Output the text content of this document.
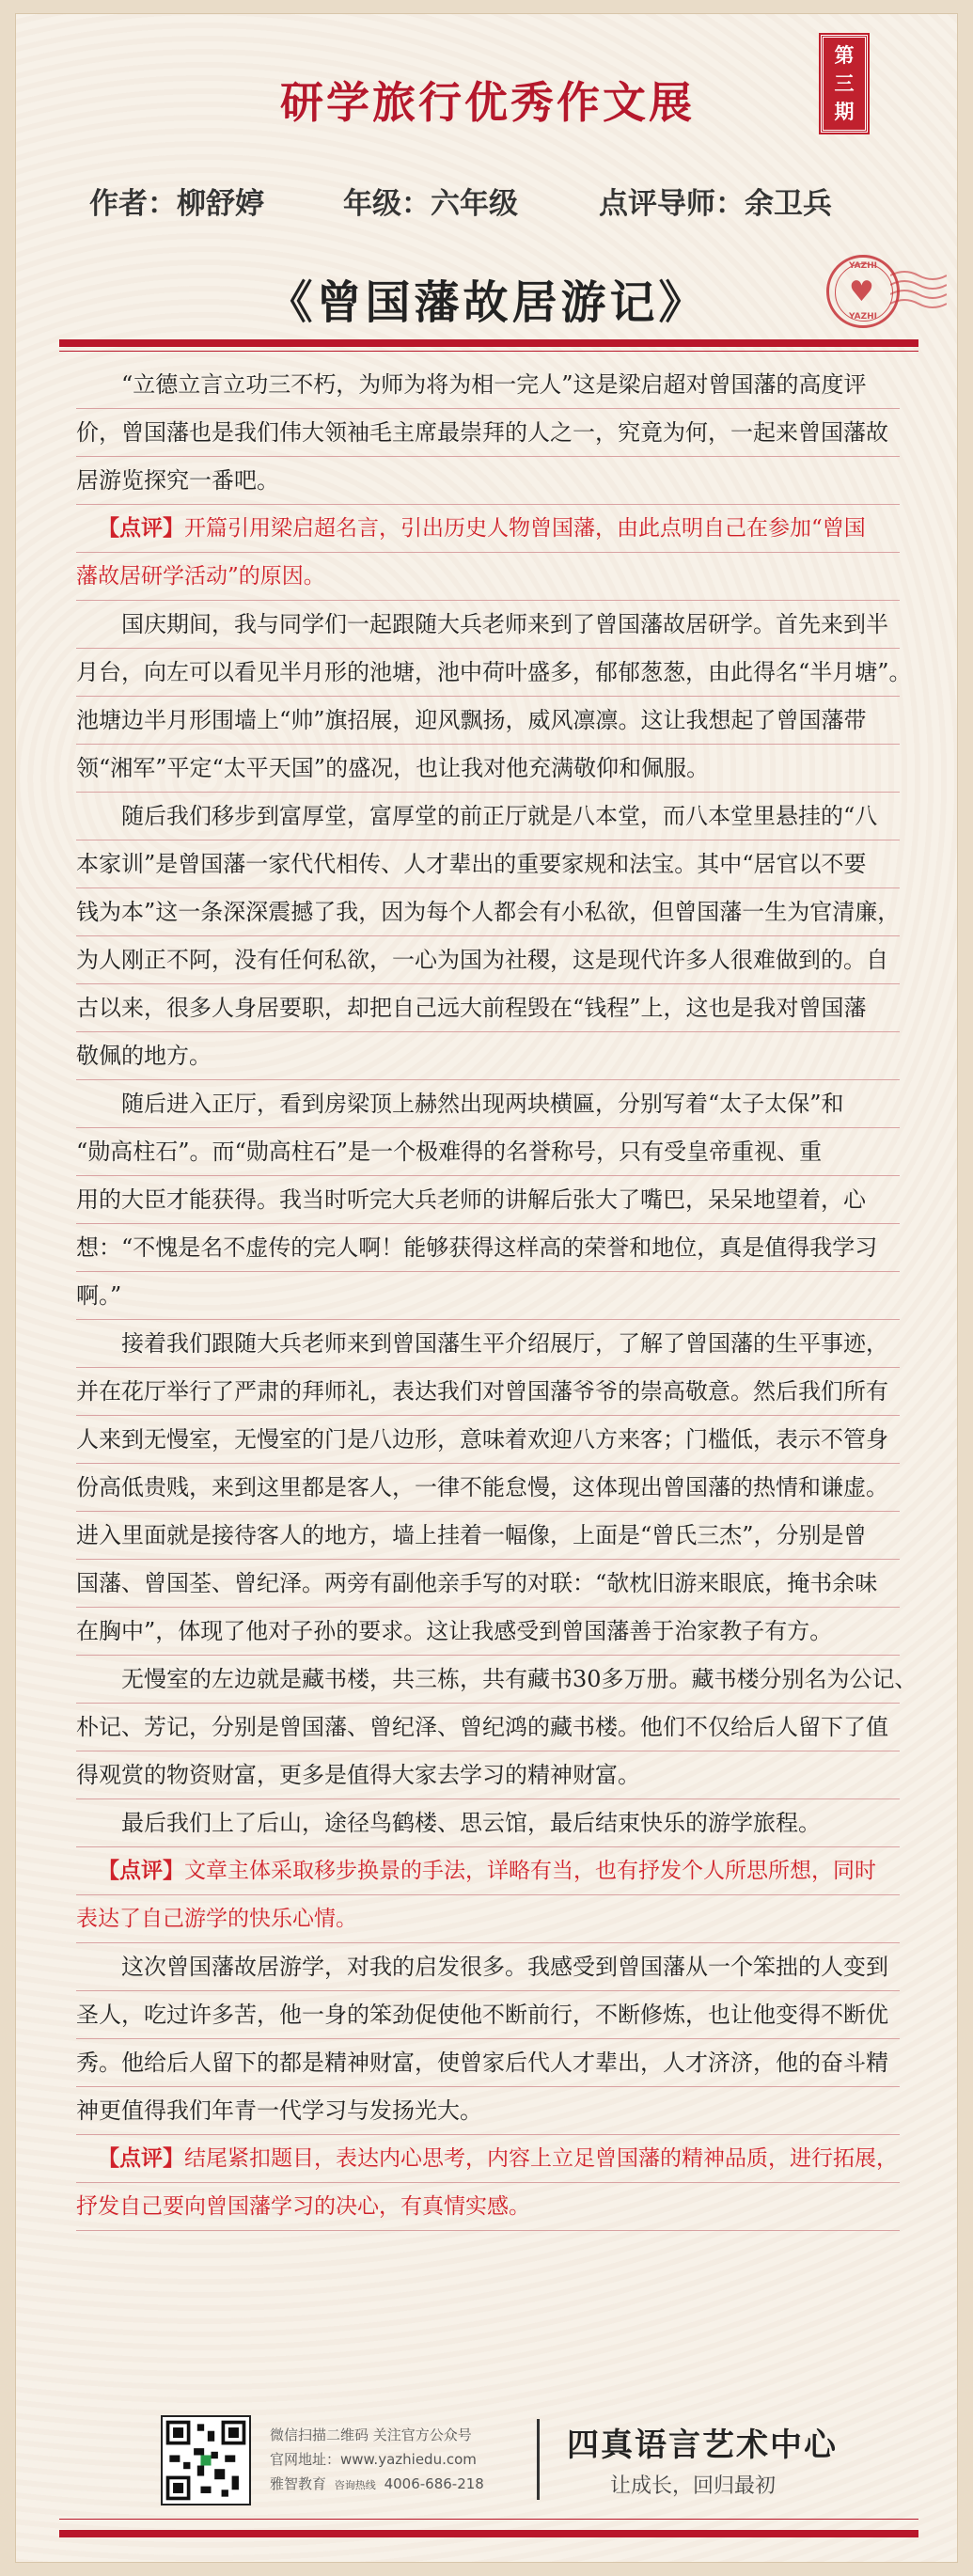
研学旅行优秀作文展
第
三
期
作者：柳舒婷	年级：六年级	点评导师：余卫兵
《曾国藩故居游记》
YAZHI
♥
YAZHI
“立德立言立功三不朽，为师为将为相一完人”这是梁启超对曾国藩的高度评
价，曾国藩也是我们伟大领袖毛主席最崇拜的人之一，究竟为何，一起来曾国藩故
居游览探究一番吧。
【点评】开篇引用梁启超名言，引出历史人物曾国藩，由此点明自己在参加“曾国
藩故居研学活动”的原因。
国庆期间，我与同学们一起跟随大兵老师来到了曾国藩故居研学。首先来到半
月台，向左可以看见半月形的池塘，池中荷叶盛多，郁郁葱葱，由此得名“半月塘”。
池塘边半月形围墙上“帅”旗招展，迎风飘扬，威风凛凛。这让我想起了曾国藩带
领“湘军”平定“太平天国”的盛况，也让我对他充满敬仰和佩服。
随后我们移步到富厚堂，富厚堂的前正厅就是八本堂，而八本堂里悬挂的“八
本家训”是曾国藩一家代代相传、人才辈出的重要家规和法宝。其中“居官以不要
钱为本”这一条深深震撼了我，因为每个人都会有小私欲，但曾国藩一生为官清廉，
为人刚正不阿，没有任何私欲，一心为国为社稷，这是现代许多人很难做到的。自
古以来，很多人身居要职，却把自己远大前程毁在“钱程”上，这也是我对曾国藩
敬佩的地方。
随后进入正厅，看到房梁顶上赫然出现两块横匾，分别写着“太子太保”和
“勋高柱石”。而“勋高柱石”是一个极难得的名誉称号，只有受皇帝重视、重
用的大臣才能获得。我当时听完大兵老师的讲解后张大了嘴巴，呆呆地望着，心
想：“不愧是名不虚传的完人啊！能够获得这样高的荣誉和地位，真是值得我学习
啊。”
接着我们跟随大兵老师来到曾国藩生平介绍展厅，了解了曾国藩的生平事迹，
并在花厅举行了严肃的拜师礼，表达我们对曾国藩爷爷的崇高敬意。然后我们所有
人来到无慢室，无慢室的门是八边形，意味着欢迎八方来客；门槛低，表示不管身
份高低贵贱，来到这里都是客人，一律不能怠慢，这体现出曾国藩的热情和谦虚。
进入里面就是接待客人的地方，墙上挂着一幅像，上面是“曾氏三杰”，分别是曾
国藩、曾国荃、曾纪泽。两旁有副他亲手写的对联：“欹枕旧游来眼底，掩书余味
在胸中”，体现了他对子孙的要求。这让我感受到曾国藩善于治家教子有方。
无慢室的左边就是藏书楼，共三栋，共有藏书30多万册。藏书楼分别名为公记、
朴记、芳记，分别是曾国藩、曾纪泽、曾纪鸿的藏书楼。他们不仅给后人留下了值
得观赏的物资财富，更多是值得大家去学习的精神财富。
最后我们上了后山，途径鸟鹤楼、思云馆，最后结束快乐的游学旅程。
【点评】文章主体采取移步换景的手法，详略有当，也有抒发个人所思所想，同时
表达了自己游学的快乐心情。
这次曾国藩故居游学，对我的启发很多。我感受到曾国藩从一个笨拙的人变到
圣人，吃过许多苦，他一身的笨劲促使他不断前行，不断修炼，也让他变得不断优
秀。他给后人留下的都是精神财富，使曾家后代人才辈出，人才济济，他的奋斗精
神更值得我们年青一代学习与发扬光大。
【点评】结尾紧扣题目，表达内心思考，内容上立足曾国藩的精神品质，进行拓展，
抒发自己要向曾国藩学习的决心，有真情实感。
微信扫描二维码 关注官方公众号
官网地址：www.yazhiedu.com
雅智教育 咨询热线 4006-686-218
四真语言艺术中心
让成长，回归最初
